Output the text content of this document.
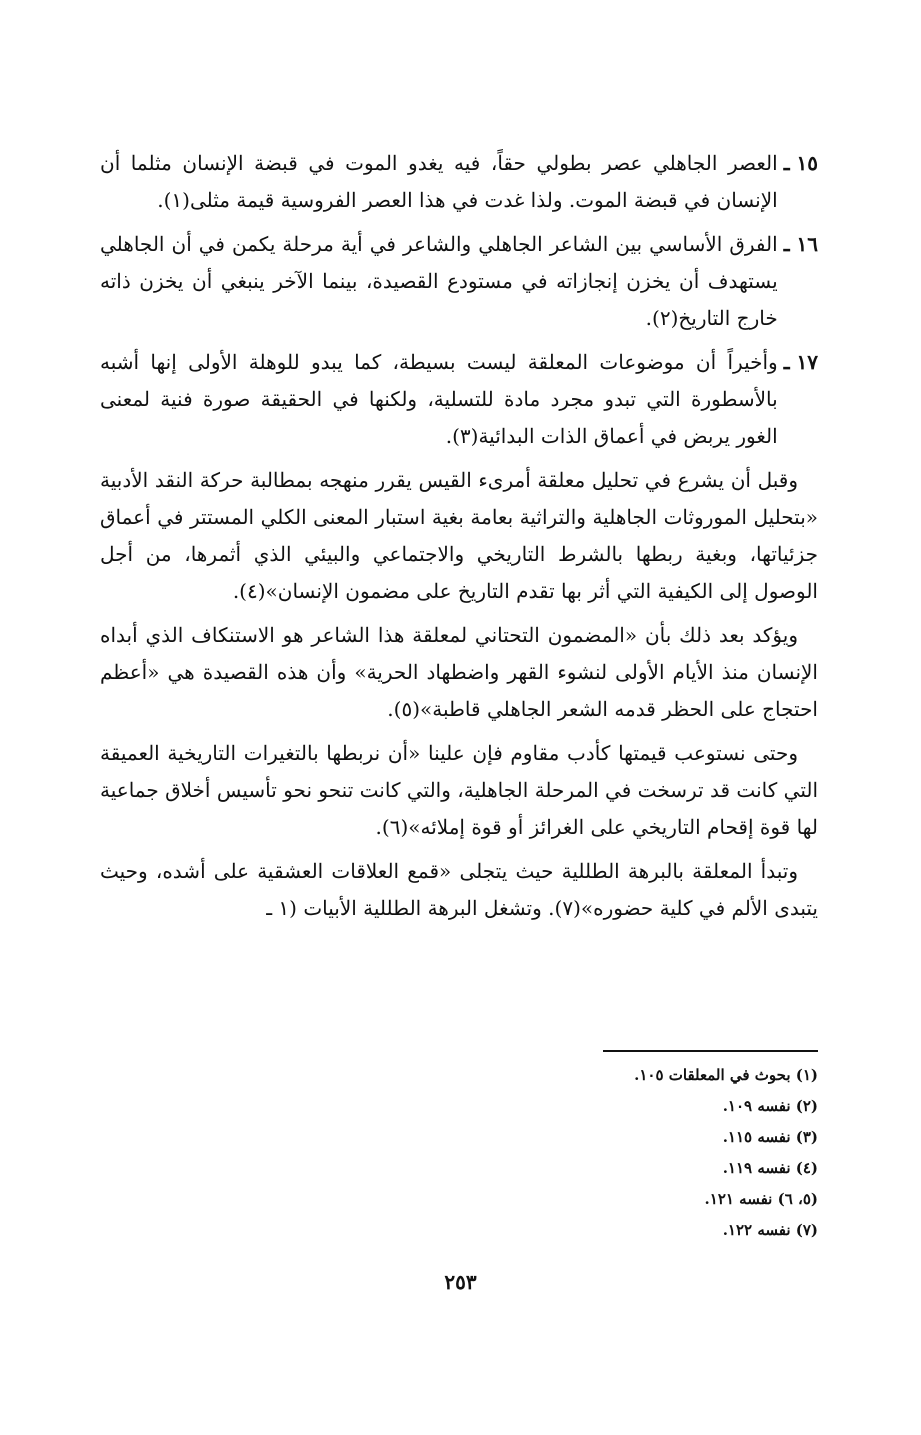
١٥ ـ
العصر الجاهلي عصر بطولي حقاً، فيه يغدو الموت في قبضة الإنسان مثلما أن الإنسان في قبضة الموت. ولذا غدت في هذا العصر الفروسية قيمة مثلى(١).
١٦ ـ
الفرق الأساسي بين الشاعر الجاهلي والشاعر في أية مرحلة يكمن في أن الجاهلي يستهدف أن يخزن إنجازاته في مستودع القصيدة، بينما الآخر ينبغي أن يخزن ذاته خارج التاريخ(٢).
١٧ ـ
وأخيراً أن موضوعات المعلقة ليست بسيطة، كما يبدو للوهلة الأولى إنها أشبه بالأسطورة التي تبدو مجرد مادة للتسلية، ولكنها في الحقيقة صورة فنية لمعنى الغور يربض في أعماق الذات البدائية(٣).

وقبل أن يشرع في تحليل معلقة أمرىء القيس يقرر منهجه بمطالبة حركة النقد الأدبية «بتحليل الموروثات الجاهلية والتراثية بعامة بغية استبار المعنى الكلي المستتر في أعماق جزئياتها، وبغية ربطها بالشرط التاريخي والاجتماعي والبيئي الذي أثمرها، من أجل الوصول إلى الكيفية التي أثر بها تقدم التاريخ على مضمون الإنسان»(٤).

ويؤكد بعد ذلك بأن «المضمون التحتاني لمعلقة هذا الشاعر هو الاستنكاف الذي أبداه الإنسان منذ الأيام الأولى لنشوء القهر واضطهاد الحرية» وأن هذه القصيدة هي «أعظم احتجاج على الحظر قدمه الشعر الجاهلي قاطبة»(٥).

وحتى نستوعب قيمتها كأدب مقاوم فإن علينا «أن نربطها بالتغيرات التاريخية العميقة التي كانت قد ترسخت في المرحلة الجاهلية، والتي كانت تنحو نحو تأسيس أخلاق جماعية لها قوة إقحام التاريخي على الغرائز أو قوة إملائه»(٦).

وتبدأ المعلقة بالبرهة الطللية حيث يتجلى «قمع العلاقات العشقية على أشده، وحيث يتبدى الألم في كلية حضوره»(٧). وتشغل البرهة الطللية الأبيات (١ ـ

(١) بحوث في المعلقات ١٠٥.

(٢) نفسه ١٠٩.

(٣) نفسه ١١٥.

(٤) نفسه ١١٩.

(٥، ٦) نفسه ١٢١.

(٧) نفسه ١٢٢.

٢٥٣
